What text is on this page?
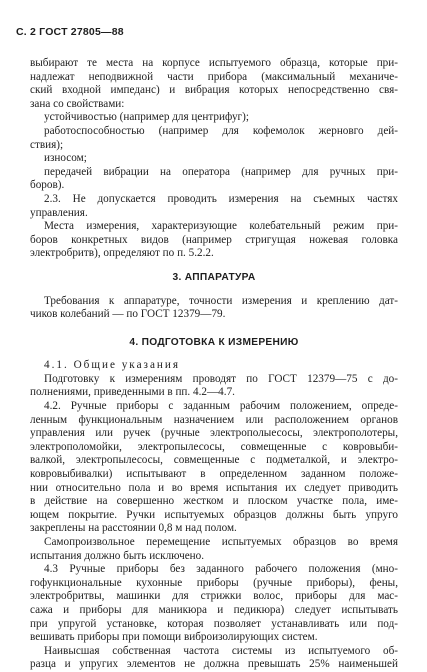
С. 2 ГОСТ 27805—88
выбирают те места на корпусе испытуемого образца, которые при-
надлежат неподвижной части прибора (максимальный механиче-
ский входной импеданс) и вибрация которых непосредственно свя-
зана со свойствами:
устойчивостью (например для центрифуг);
работоспособностью (например для кофемолок жерновго дей-
ствия);
износом;
передачей вибрации на оператора (например для ручных при-
боров).
2.3. Не допускается проводить измерения на съемных частях
управления.
Места измерения, характеризующие колебательный режим при-
боров конкретных видов (например стригущая ножевая головка
электробритв), определяют по п. 5.2.2.
3. АППАРАТУРА
Требования к аппаратуре, точности измерения и креплению дат-
чиков колебаний — по ГОСТ 12379—79.
4. ПОДГОТОВКА К ИЗМЕРЕНИЮ
4.1. Общие указания
Подготовку к измерениям проводят по ГОСТ 12379—75 с до-
полнениями, приведенными в пп. 4.2—4.7.
4.2. Ручные приборы с заданным рабочим положением, опреде-
ленным функциональным назначением или расположением органов
управления или ручек (ручные электрополыесосы, электрополотеры,
электрополомойки, электропылесосы, совмещенные с ковровыби-
валкой, электропылесосы, совмещенные с подметалкой, и электро-
ковровыбивалки) испытывают в определенном заданном положе-
нии относительно пола и во время испытания их следует приводить
в действие на совершенно жестком и плоском участке пола, име-
ющем покрытие. Ручки испытуемых образцов должны быть упруго
закреплены на расстоянии 0,8 м над полом.
Самопроизвольное перемещение испытуемых образцов во время
испытания должно быть исключено.
4.3 Ручные приборы без заданного рабочего положения (мно-
гофункциональные кухонные приборы (ручные приборы), фены,
электробритвы, машинки для стрижки волос, приборы для мас-
сажа и приборы для маникюра и педикюра) следует испытывать
при упругой установке, которая позволяет устанавливать или под-
вешивать приборы при помощи виброизолирующих систем.
Наивысшая собственная частота системы из испытуемого об-
разца и упругих элементов не должна превышать 25% наименьшей
